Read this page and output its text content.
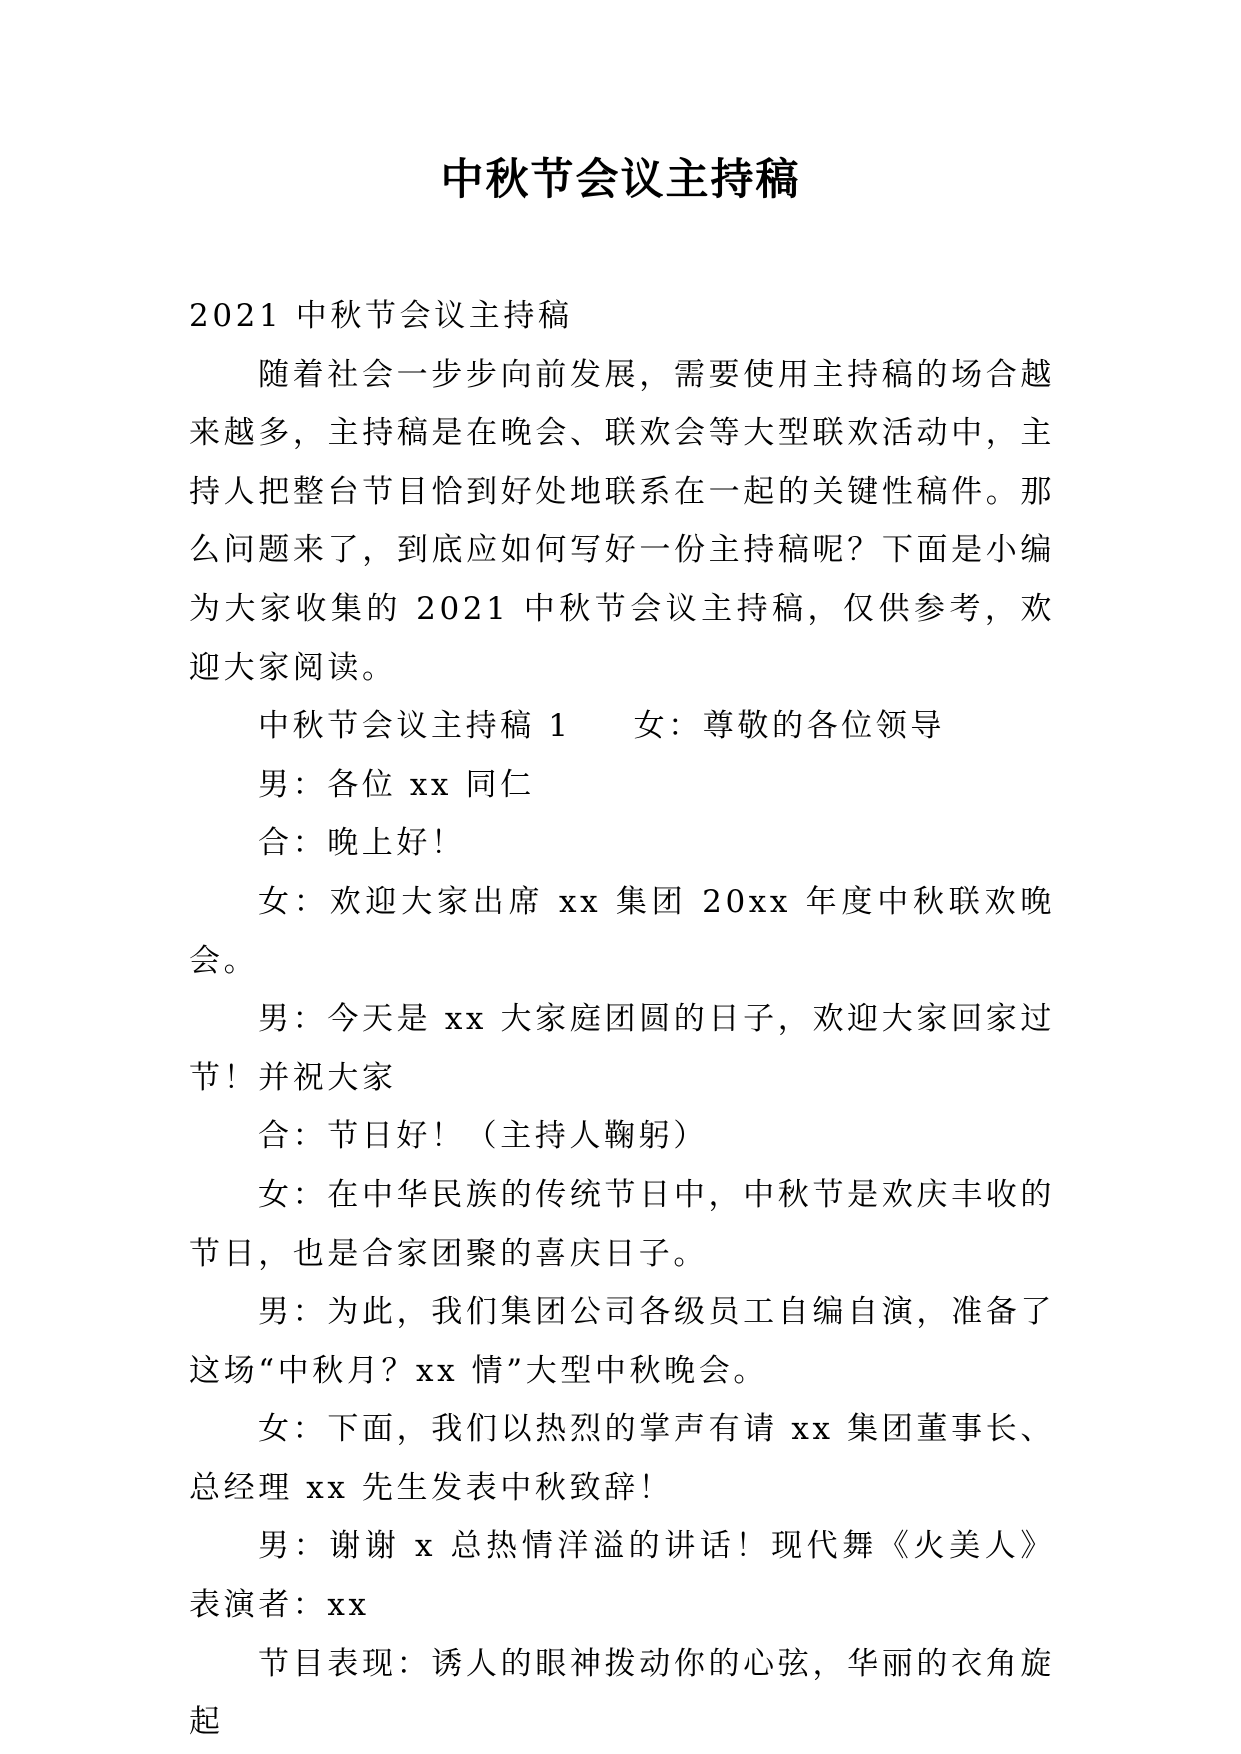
中秋节会议主持稿

2021 中秋节会议主持稿

随着社会一步步向前发展，需要使用主持稿的场合越来越多，主持稿是在晚会、联欢会等大型联欢活动中，主持人把整台节目恰到好处地联系在一起的关键性稿件。那么问题来了，到底应如何写好一份主持稿呢？下面是小编为大家收集的 2021 中秋节会议主持稿，仅供参考，欢迎大家阅读。

中秋节会议主持稿 1 女：尊敬的各位领导

男：各位 xx 同仁

合：晚上好！

女：欢迎大家出席 xx 集团 20xx 年度中秋联欢晚会。

男：今天是 xx 大家庭团圆的日子，欢迎大家回家过节！并祝大家

合：节日好！（主持人鞠躬）

女：在中华民族的传统节日中，中秋节是欢庆丰收的节日，也是合家团聚的喜庆日子。

男：为此，我们集团公司各级员工自编自演，准备了这场“中秋月？xx 情”大型中秋晚会。

女：下面，我们以热烈的掌声有请 xx 集团董事长、总经理 xx 先生发表中秋致辞！

男：谢谢 x 总热情洋溢的讲话！现代舞《火美人》表演者：xx

节目表现：诱人的眼神拨动你的心弦，华丽的衣角旋起
